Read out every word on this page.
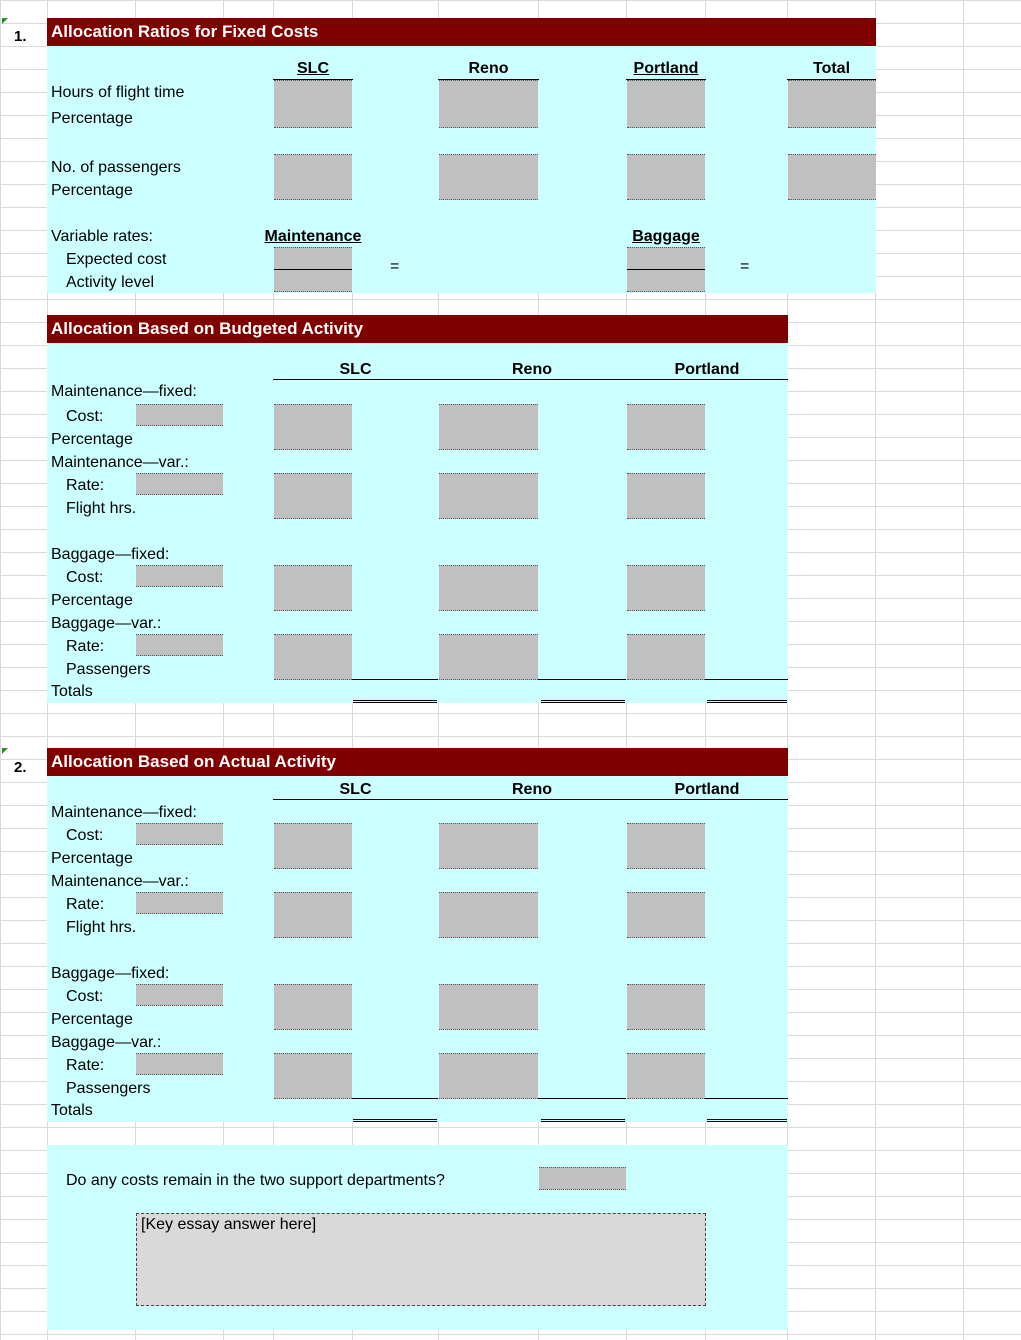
1. Allocation Ratios for Fixed Costs
SLC	Reno	Portland	Total
Hours of flight time
Percentage
No. of passengers
Percentage
Variable rates:
Expected cost
Activity level
Maintenance	Baggage
=	=
Allocation Based on Budgeted Activity
SLC	Reno	Portland
Maintenance—fixed:
Cost:
Percentage
Maintenance—var.:
Rate:
Flight hrs.
Baggage—fixed:
Cost:
Percentage
Baggage—var.:
Rate:
Passengers
Totals
2. Allocation Based on Actual Activity
SLC	Reno	Portland
Maintenance—fixed:
Cost:
Percentage
Maintenance—var.:
Rate:
Flight hrs.
Baggage—fixed:
Cost:
Percentage
Baggage—var.:
Rate:
Passengers
Totals
Do any costs remain in the two support departments?
[Key essay answer here]
